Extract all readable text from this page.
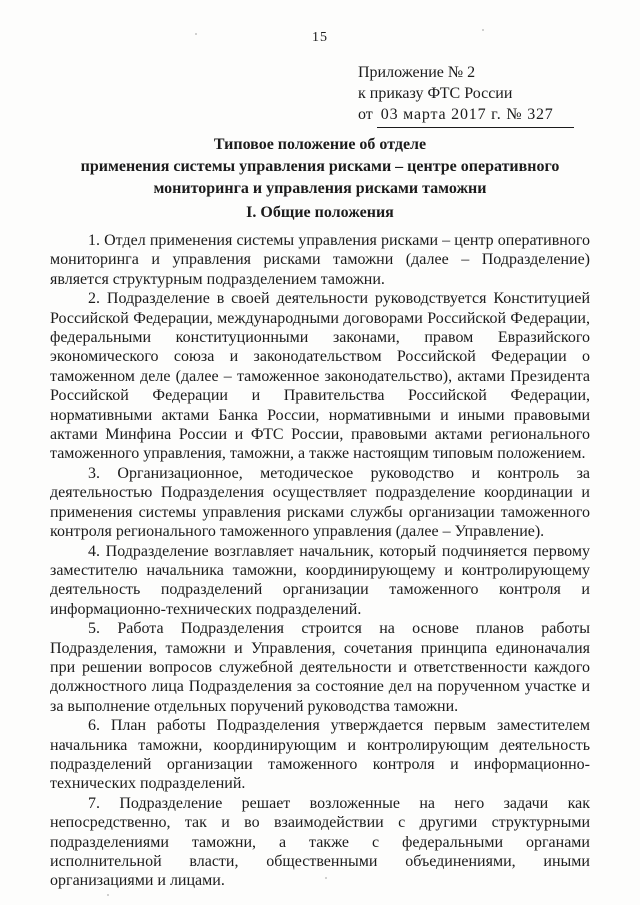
15
Приложение № 2
к приказу ФТС России
от 03 марта 2017 г. № 327
Типовое положение об отделе
применения системы управления рисками – центре оперативного
мониторинга и управления рисками таможни
I. Общие положения

1. Отдел применения системы управления рисками – центр оперативного мониторинга и управления рисками таможни (далее – Подразделение) является структурным подразделением таможни.

2. Подразделение в своей деятельности руководствуется Конституцией Российской Федерации, международными договорами Российской Федерации, федеральными конституционными законами, правом Евразийского экономического союза и законодательством Российской Федерации о таможенном деле (далее – таможенное законодательство), актами Президента Российской Федерации и Правительства Российской Федерации, нормативными актами Банка России, нормативными и иными правовыми актами Минфина России и ФТС России, правовыми актами регионального таможенного управления, таможни, а также настоящим типовым положением.

3. Организационное, методическое руководство и контроль за деятельностью Подразделения осуществляет подразделение координации и применения системы управления рисками службы организации таможенного контроля регионального таможенного управления (далее – Управление).

4. Подразделение возглавляет начальник, который подчиняется первому заместителю начальника таможни, координирующему и контролирующему деятельность подразделений организации таможенного контроля и информационно-технических подразделений.

5. Работа Подразделения строится на основе планов работы Подразделения, таможни и Управления, сочетания принципа единоначалия при решении вопросов служебной деятельности и ответственности каждого должностного лица Подразделения за состояние дел на порученном участке и за выполнение отдельных поручений руководства таможни.

6. План работы Подразделения утверждается первым заместителем начальника таможни, координирующим и контролирующим деятельность подразделений организации таможенного контроля и информационно-технических подразделений.

7. Подразделение решает возложенные на него задачи как непосредственно, так и во взаимодействии с другими структурными подразделениями таможни, а также с федеральными органами исполнительной власти, общественными объединениями, иными организациями и лицами.
